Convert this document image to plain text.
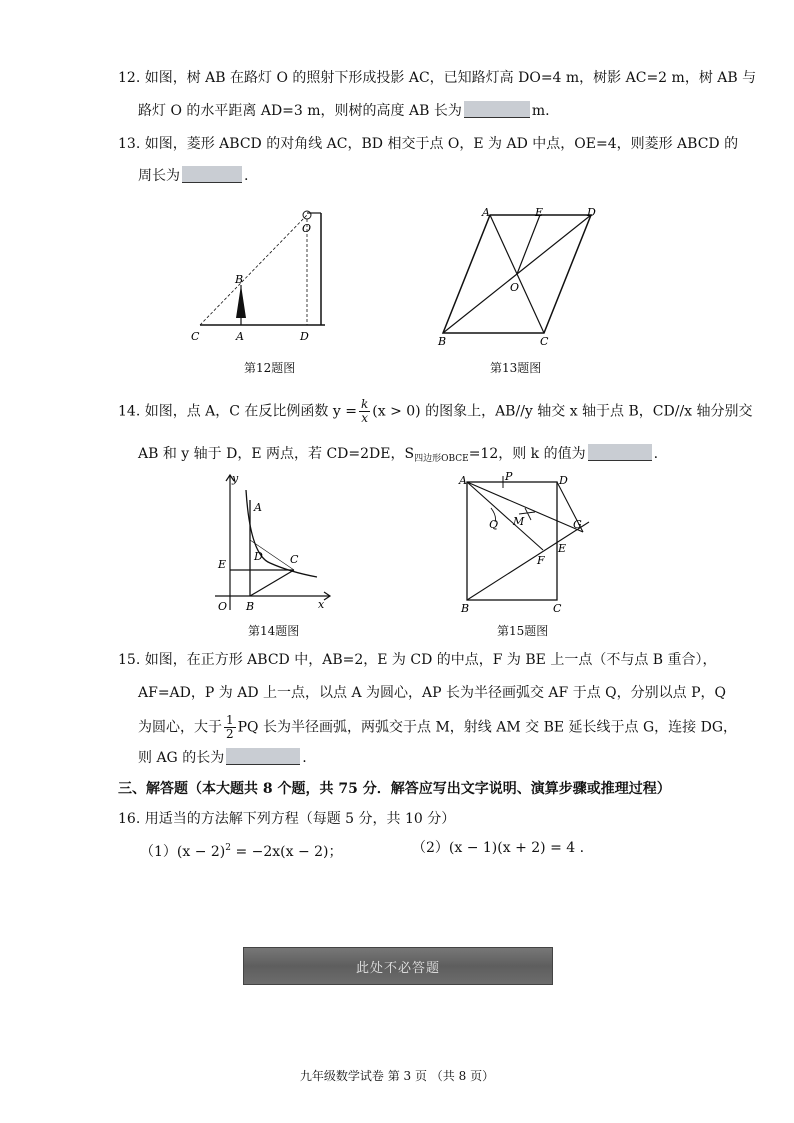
12. 如图，树 AB 在路灯 O 的照射下形成投影 AC，已知路灯高 DO=4 m，树影 AC=2 m，树 AB 与
路灯 O 的水平距离 AD=3 m，则树的高度 AB 长为	m.
13. 如图，菱形 ABCD 的对角线 AC，BD 相交于点 O，E 为 AD 中点，OE=4，则菱形 ABCD 的
周长为	.
O
B
C	A	D
第12题图
A	E	D
O
B	C
第13题图
14. 如图，点 A，C 在反比例函数 $y = \frac{k}{x} (x > 0)$ 的图象上，AB//y 轴交 x 轴于点 B，CD//x 轴分别交
AB 和 y 轴于 D，E 两点，若 CD=2DE，$S_{四边形OBCE}=12$，则 k 的值为	.
y
A
D C
E
O B	x
第14题图
A	P	D
Q M	G
E
F
B	C
第15题图
15. 如图，在正方形 ABCD 中，AB=2，E 为 CD 的中点，F 为 BE 上一点（不与点 B 重合），
AF=AD，P 为 AD 上一点，以点 A 为圆心，AP 长为半径画弧交 AF 于点 Q，分别以点 P，Q
为圆心，大于 $\frac{1}{2}$ PQ 长为半径画弧，两弧交于点 M，射线 AM 交 BE 延长线于点 G，连接 DG，
则 AG 的长为	.
三、解答题（本大题共 8 个题，共 75 分．解答应写出文字说明、演算步骤或推理过程）
16. 用适当的方法解下列方程（每题 5 分，共 10 分）
$(1)(x - 2)^2 = -2x(x - 2)$；	（2）(x − 1)(x + 2) = 4 .
此处不必答题
九年级数学试卷 第 3 页 （共 8 页）
